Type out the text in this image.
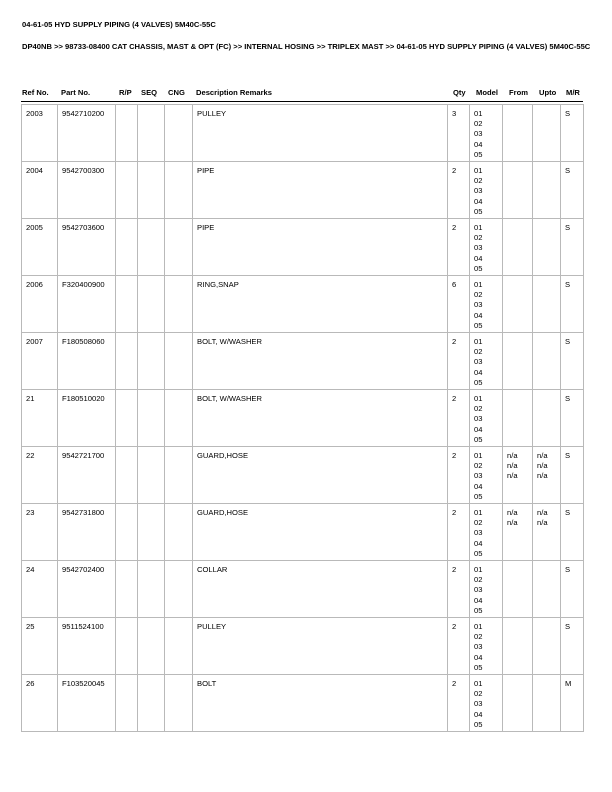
04-61-05 HYD SUPPLY PIPING (4 VALVES) 5M40C-55C
DP40NB >> 98733-08400 CAT CHASSIS, MAST & OPT (FC) >> INTERNAL HOSING >> TRIPLEX MAST >> 04-61-05 HYD SUPPLY PIPING (4 VALVES) 5M40C-55C
Ref No. Part No.	R/P SEQ CNG Description Remarks	Qty Model From Upto M/R
2003	9542710200				PULLEY	3	01
02
03
04
05			S
2004	9542700300				PIPE	2	01
02
03
04
05			S
2005	9542703600				PIPE	2	01
02
03
04
05			S
2006	F320400900				RING,SNAP	6	01
02
03
04
05			S
2007	F180508060				BOLT, W/WASHER	2	01
02
03
04
05			S
21	F180510020				BOLT, W/WASHER	2	01
02
03
04
05			S
22	9542721700				GUARD,HOSE	2	01
02
03
04
05	n/a
n/a
n/a	n/a
n/a
n/a	S
23	9542731800				GUARD,HOSE	2	01
02
03
04
05	n/a
n/a	n/a
n/a	S
24	9542702400				COLLAR	2	01
02
03
04
05			S
25	9511524100				PULLEY	2	01
02
03
04
05			S
26	F103520045				BOLT	2	01
02
03
04
05			M
